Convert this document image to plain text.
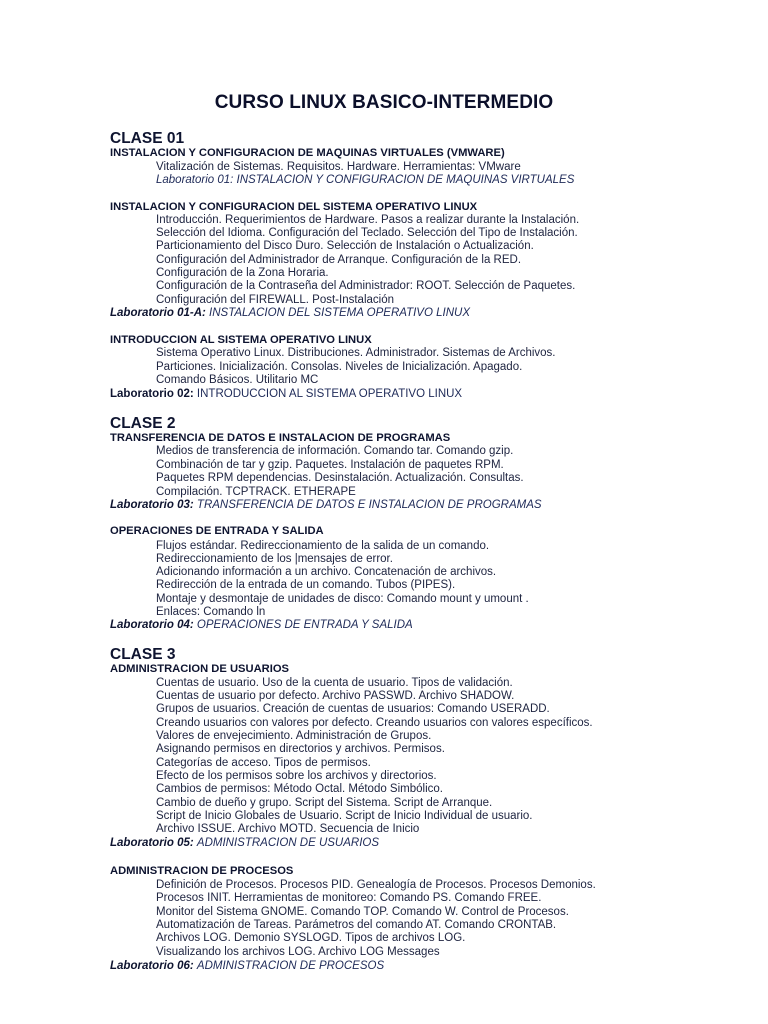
CURSO LINUX BASICO-INTERMEDIO
CLASE 01
INSTALACION Y CONFIGURACION DE MAQUINAS VIRTUALES (VMWARE)
Vitalización de Sistemas. Requisitos. Hardware. Herramientas: VMware
Laboratorio 01: INSTALACION Y CONFIGURACION DE MAQUINAS VIRTUALES
INSTALACION Y CONFIGURACION DEL SISTEMA OPERATIVO LINUX
Introducción. Requerimientos de Hardware. Pasos a realizar durante la Instalación.
Selección del Idioma. Configuración del Teclado. Selección del Tipo de Instalación.
Particionamiento del Disco Duro. Selección de Instalación o Actualización.
Configuración del Administrador de Arranque. Configuración de la RED.
Configuración de la Zona Horaria.
Configuración de la Contraseña del Administrador: ROOT. Selección de Paquetes.
Configuración del FIREWALL. Post-Instalación
Laboratorio 01-A: INSTALACION DEL SISTEMA OPERATIVO LINUX
INTRODUCCION AL SISTEMA OPERATIVO LINUX
Sistema Operativo Linux. Distribuciones. Administrador. Sistemas de Archivos.
Particiones. Inicialización. Consolas. Niveles de Inicialización. Apagado.
Comando Básicos. Utilitario MC
Laboratorio 02: INTRODUCCION AL SISTEMA OPERATIVO LINUX
CLASE 2
TRANSFERENCIA DE DATOS E INSTALACION DE PROGRAMAS
Medios de transferencia de información. Comando tar. Comando gzip.
Combinación de tar y gzip. Paquetes. Instalación de paquetes RPM.
Paquetes RPM dependencias. Desinstalación. Actualización. Consultas.
Compilación. TCPTRACK. ETHERAPE
Laboratorio 03: TRANSFERENCIA DE DATOS E INSTALACION DE PROGRAMAS
OPERACIONES DE ENTRADA Y SALIDA
Flujos estándar. Redireccionamiento de la salida de un comando.
Redireccionamiento de los |mensajes de error.
Adicionando información a un archivo. Concatenación de archivos.
Redirección de la entrada de un comando. Tubos (PIPES).
Montaje y desmontaje de unidades de disco: Comando mount y umount .
Enlaces: Comando ln
Laboratorio 04: OPERACIONES DE ENTRADA Y SALIDA
CLASE 3
ADMINISTRACION DE USUARIOS
Cuentas de usuario. Uso de la cuenta de usuario. Tipos de validación.
Cuentas de usuario por defecto. Archivo PASSWD. Archivo SHADOW.
Grupos de usuarios. Creación de cuentas de usuarios: Comando USERADD.
Creando usuarios con valores por defecto. Creando usuarios con valores específicos.
Valores de envejecimiento. Administración de Grupos.
Asignando permisos en directorios y archivos. Permisos.
Categorías de acceso. Tipos de permisos.
Efecto de los permisos sobre los archivos y directorios.
Cambios de permisos: Método Octal. Método Simbólico.
Cambio de dueño y grupo. Script del Sistema. Script de Arranque.
Script de Inicio Globales de Usuario. Script de Inicio Individual de usuario.
Archivo ISSUE. Archivo MOTD. Secuencia de Inicio
Laboratorio 05: ADMINISTRACION DE USUARIOS
ADMINISTRACION DE PROCESOS
Definición de Procesos. Procesos PID. Genealogía de Procesos. Procesos Demonios.
Procesos INIT. Herramientas de monitoreo: Comando PS. Comando FREE.
Monitor del Sistema GNOME. Comando TOP. Comando W. Control de Procesos.
Automatización de Tareas. Parámetros del comando AT. Comando CRONTAB.
Archivos LOG. Demonio SYSLOGD. Tipos de archivos LOG.
Visualizando los archivos LOG. Archivo LOG Messages
Laboratorio 06: ADMINISTRACION DE PROCESOS
